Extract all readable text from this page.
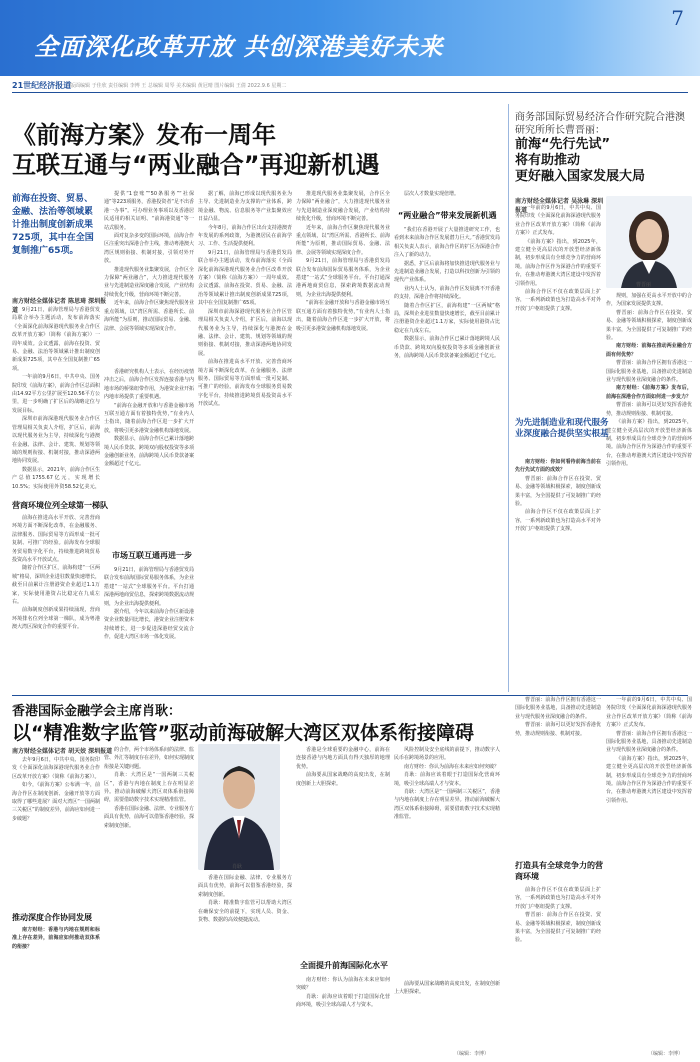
全面深化改革开放 共创深港美好未来
7
21世纪经济报道
版面编辑 于佳欣 责任编辑 李博 王 总编辑 周琴 美术编辑 黄冠晴 图片编辑 王倩 2022.9.6 星期二
《前海方案》发布一周年
互联互通与“两业融合”再迎新机遇
前海在投资、贸易、金融、法治等领域累计推出制度创新成果725项，其中在全国复制推广65项。
南方财经全媒体记者 陈思琦 深圳报道 9月21日，前海管理局与香港贸发局联合举办主题活动，发布前海落实《全面深化前海深港现代服务业合作区改革开放方案》（简称《前海方案》）一周年成效。会议透露，前海在投资、贸易、金融、法治等领域累计推出制度创新成果725项，其中在全国复制推广65项。

一年前的9月6日，中共中央、国务院印发《前海方案》，前海合作区总面积由14.92平方公里扩展至120.56平方公里，进一步明确了扩区后的战略定位与发展目标。

深圳市前海深港现代服务业合作区管理局相关负责人介绍，扩区后，前海以现代服务业为主导，持续深化与港澳在金融、法律、会计、建筑、规划等领域的规则衔接、机制对接，推动深港两地协同发展。

数据显示，2021年，前海合作区生产总值1755.67亿元，实现增长10.5%；实际使用外资58.52亿美元，

营商环境位列全球第一梯队

前海在推进高水平开放、完善营商环境方面不断深化改革，在金融服务、法律服务、国际贸易等方面形成一批可复制、可推广的经验。前海发布全球服务贸易数字化平台，持续推进跨境贸易投资高水平开放试点。

随着合作区扩区，前海构建“一区两城”格局，深圳企业进驻数量快速增长，截至目前累计注册港资企业超过1.1万家，实际使用港资占比稳定在九成左右。

前海制度创新成果持续涌现，营商环境排名位列全球第一梯队，成为粤港澳大湾区深度合作的重要平台。

提供“1套账”“50条服务”“社保通”等223项服务，香港投资者“足不出香港一办事”。可办理业务事项以及香港居民适用的相关证明、“前海港资通”等一站式服务。

面对复杂多变的国际环境，前海合作区注重突出深港合作主线，推动粤港澳大湾区规则衔接、机制对接，引领对外开放。

推进现代服务业集聚发展，合作区全力保障“两业融合”，大力推进现代服务业与先进制造业深度融合发展，产业结构持续优化升级，营商环境不断完善。

近年来，前海合作区聚焦现代服务业重点领域，以“湾区所需、香港所长、前海所能”为原则，推动国际贸易、金融、法律、会展等领域实现深度合作。

香港研究机构人士表示，在经历疫情冲击之后，前海合作区发挥连接香港与内地市场的桥梁纽带作用，为港资企业开拓内地市场提供了重要机遇。

“前海在金融开放和与香港金融市场互联互通方面有着独特优势，”有业内人士指出，随着前海合作区进一步扩大开放，将吸引更多港资金融机构落地发展。

数据显示，前海合作区已累计落地跨境人民币贷款、跨境双向股权投资等多项金融创新业务，前海跨境人民币贷款备案金额超过千亿元。

市场互联互通再进一步

9月21日，前海管理局与香港贸发局联合发布前海国际贸易服务体系，为企业搭建“一站式”全球服务平台。平台打通深港两地商贸信息，探索跨境数据流动规则，为企业出海提供便利。

据介绍，今年以来前海合作区新设港资企业数量同比增长，港资企业注册资本持续增长，进一步促进深港经贸交流合作，促进大湾区市场一体化发展。

据了解，前海已形成以现代服务业为主导、先进制造业为支撑的产业体系，跨境金融、物流、信息服务等产业集聚效应日益凸显。

今年8月，前海合作区出台支持港澳青年发展的系列政策，为港澳居民在前海学习、工作、生活提供便利。

9月21日，前海管理局与香港贸发局联合举办主题活动，发布前海落实《全面深化前海深港现代服务业合作区改革开放方案》（简称《前海方案》）一周年成效。会议透露，前海在投资、贸易、金融、法治等领域累计推出制度创新成果725项，其中在全国复制推广65项。

深圳市前海深港现代服务业合作区管理局相关负责人介绍，扩区后，前海以现代服务业为主导，持续深化与港澳在金融、法律、会计、建筑、规划等领域的规则衔接、机制对接，推动深港两地协同发展。

前海在推进高水平开放、完善营商环境方面不断深化改革，在金融服务、法律服务、国际贸易等方面形成一批可复制、可推广的经验。前海发布全球服务贸易数字化平台，持续推进跨境贸易投资高水平开放试点。

推进现代服务业集聚发展，合作区全力保障“两业融合”，大力推进现代服务业与先进制造业深度融合发展，产业结构持续优化升级，营商环境不断完善。

近年来，前海合作区聚焦现代服务业重点领域，以“湾区所需、香港所长、前海所能”为原则，推动国际贸易、金融、法律、会展等领域实现深度合作。

9月21日，前海管理局与香港贸发局联合发布前海国际贸易服务体系，为企业搭建“一站式”全球服务平台。平台打通深港两地商贸信息，探索跨境数据流动规则，为企业出海提供便利。

“前海在金融开放和与香港金融市场互联互通方面有着独特优势，”有业内人士指出，随着前海合作区进一步扩大开放，将吸引更多港资金融机构落地发展。

层次人才数量实现倍增。
“两业融合”带来发展新机遇

“我们在香港开展了大量推进研究工作，也看到未来前海合作区发展潜力巨大。”香港贸发局相关负责人表示，前海合作区的扩区为深港合作注入了新的动力。

据悉，扩区后前海将加快推进现代服务业与先进制造业融合发展，打造以科技创新为引领的现代产业体系。

业内人士认为，前海合作区发展离不开香港的支持，深港合作将持续深化。

随着合作区扩区，前海构建“一区两城”格局，深圳企业进驻数量快速增长，截至目前累计注册港资企业超过1.1万家，实际使用港资占比稳定在九成左右。

数据显示，前海合作区已累计落地跨境人民币贷款、跨境双向股权投资等多项金融创新业务，前海跨境人民币贷款备案金额超过千亿元。

商务部国际贸易经济合作研究院合港澳研究所所长曹晋丽：
前海“先行先试”
将有助推动
更好融入国家发展大局
南方财经全媒体记者 吴泳琳 深圳报道
曹晋丽

一年前的9月6日，中共中央、国务院印发《全面深化前海深港现代服务业合作区改革开放方案》（简称《前海方案》）正式发布。

《前海方案》指出，到2025年，建立健全更高层次的开放型经济新体制，初步形成具有全球竞争力的营商环境。前海合作区作为深港合作的重要平台，在推动粤港澳大湾区建设中发挥着引领作用。

前海合作区不仅在政策层面上扩容，一系列新政策也为打造高水平对外开放门户枢纽提供了支撑。

规则，加强在更高水平开放中的合作，为国家发展提供支撑。

曹晋丽：前海合作区在投资、贸易、金融等领域积极探索，制度创新成果丰富，为全国提供了可复制推广的经验。

南方财经：前海在推动两业融合方面有何优势？

曹晋丽：前海合作区拥有香港这一国际化服务业基地，具备推动先进制造业与现代服务业深度融合的条件。

南方财经：《前海方案》发布后，前海在深港合作方面如何进一步发力？

曹晋丽：前海可以更好发挥香港优势，推动规则衔接、机制对接。

《前海方案》指出，到2025年，建立健全更高层次的开放型经济新体制，初步形成具有全球竞争力的营商环境。前海合作区作为深港合作的重要平台，在推动粤港澳大湾区建设中发挥着引领作用。

为先进制造业和现代服务业深度融合提供坚实根基

南方财经：你如何看待前海当前在先行先试方面的成效？

曹晋丽：前海合作区在投资、贸易、金融等领域积极探索，制度创新成果丰富，为全国提供了可复制推广的经验。

前海合作区不仅在政策层面上扩容，一系列新政策也为打造高水平对外开放门户枢纽提供了支撑。

香港国际金融学会主席肖耿：
以“精准数字监管”驱动前海破解大湾区双体系衔接障碍
南方财经全媒体记者 胡天姣 深圳报道

去年9月6日，中共中央、国务院印发《全面深化前海深港现代服务业合作区改革开放方案》（简称《前海方案》）。

如今，《前海方案》公布满一年，前海合作区在制度创新、金融开放等方面取得了哪些进展？面对大湾区“一国两制三关税区”的制度差异，前海应如何进一步破题？

推动深度合作协同发展

南方财经：香港与内地在规则和标准上存在差异，前海应如何推动双体系的衔接？

的合作，两个市场体系间的法律、监管、外汇等制度存在差异，如何实现制度衔接是关键问题。

肖耿：大湾区是“一国两制三关税区”，香港与内地在制度上存在明显差异。推动前海破解大湾区双体系衔接障碍，需要借助数字技术实现精准监管。

香港在国际金融、法律、专业服务方面具有优势，前海可以借鉴香港经验，探索制度创新。

肖耿

香港在国际金融、法律、专业服务方面具有优势，前海可以借鉴香港经验，探索制度创新。

肖耿：精准数字监管可以帮助大湾区在确保安全的前提下，实现人员、资金、货物、数据的高效便捷流动。

香港是全球重要的金融中心，前海在连接香港与内地方面具有得天独厚的地理优势。

前海要从国家战略的高度出发，在制度创新上大胆探索。

全面提升前海国际化水平

南方财经：你认为前海在未来应如何突破？

肖耿：前海应该着眼于打造国际化营商环境，吸引全球高端人才与资本。

风险控制及安全底线的前提下，推动数字人民币在跨境场景的应用。

南方财经：你认为前海在未来应如何突破？

肖耿：前海应该着眼于打造国际化营商环境，吸引全球高端人才与资本。

肖耿：大湾区是“一国两制三关税区”，香港与内地在制度上存在明显差异。推动前海破解大湾区双体系衔接障碍，需要借助数字技术实现精准监管。

前海要从国家战略的高度出发，在制度创新上大胆探索。

（编辑：李博）

曹晋丽：前海合作区拥有香港这一国际化服务业基地，具备推动先进制造业与现代服务业深度融合的条件。

曹晋丽：前海可以更好发挥香港优势，推动规则衔接、机制对接。

打造具有全球竞争力的营商环境

前海合作区不仅在政策层面上扩容，一系列新政策也为打造高水平对外开放门户枢纽提供了支撑。

曹晋丽：前海合作区在投资、贸易、金融等领域积极探索，制度创新成果丰富，为全国提供了可复制推广的经验。

一年前的9月6日，中共中央、国务院印发《全面深化前海深港现代服务业合作区改革开放方案》（简称《前海方案》）正式发布。

曹晋丽：前海合作区拥有香港这一国际化服务业基地，具备推动先进制造业与现代服务业深度融合的条件。

《前海方案》指出，到2025年，建立健全更高层次的开放型经济新体制，初步形成具有全球竞争力的营商环境。前海合作区作为深港合作的重要平台，在推动粤港澳大湾区建设中发挥着引领作用。

（编辑：李博）
